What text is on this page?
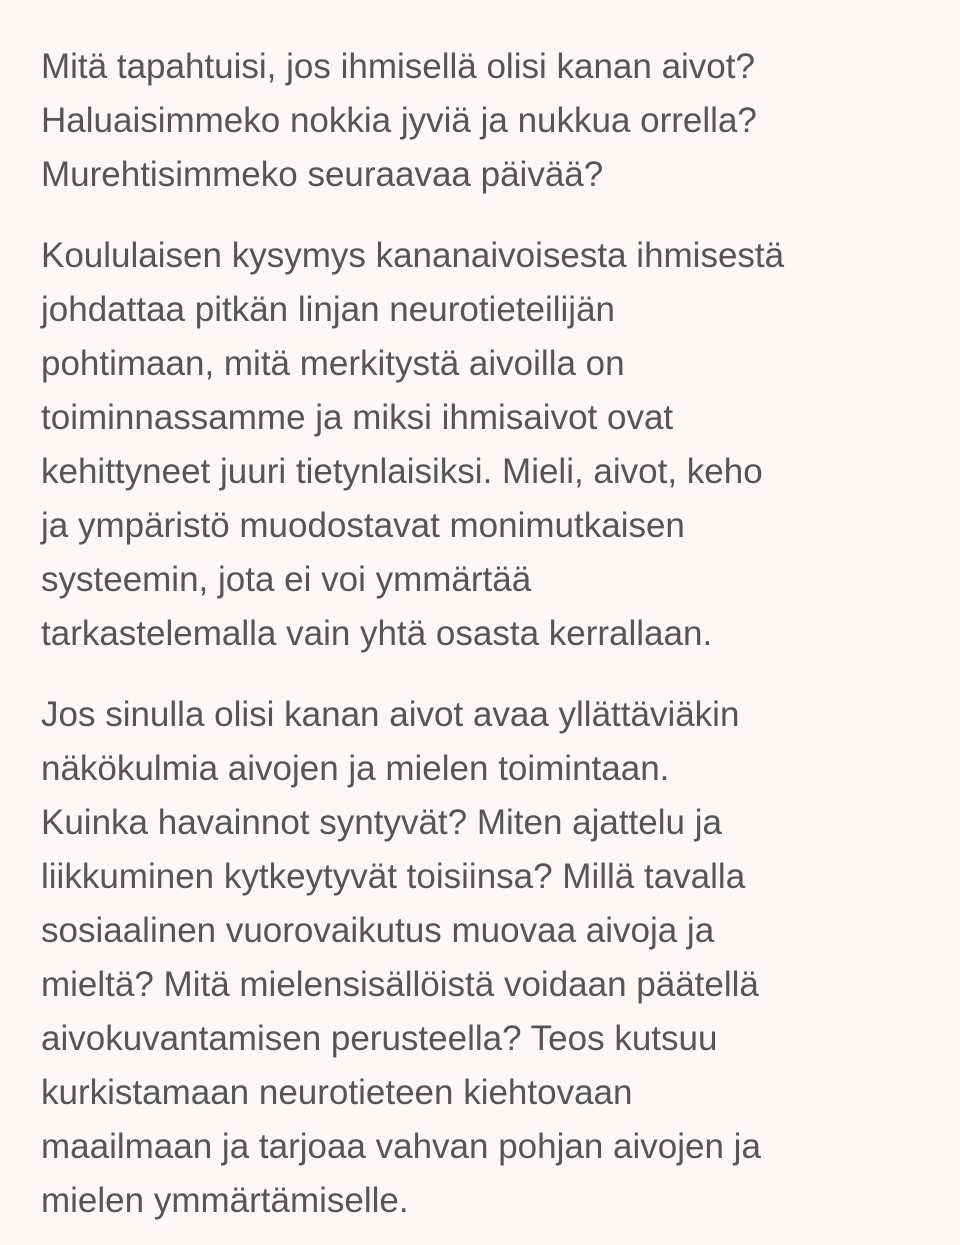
Mitä tapahtuisi, jos ihmisellä olisi kanan aivot?
Haluaisimmeko nokkia jyviä ja nukkua orrella?
Murehtisimmeko seuraavaa päivää?

Koululaisen kysymys kananaivoisesta ihmisestä
johdattaa pitkän linjan neurotieteilijän
pohtimaan, mitä merkitystä aivoilla on
toiminnassamme ja miksi ihmisaivot ovat
kehittyneet juuri tietynlaisiksi. Mieli, aivot, keho
ja ympäristö muodostavat monimutkaisen
systeemin, jota ei voi ymmärtää
tarkastelemalla vain yhtä osasta kerrallaan.

Jos sinulla olisi kanan aivot avaa yllättäviäkin
näkökulmia aivojen ja mielen toimintaan.
Kuinka havainnot syntyvät? Miten ajattelu ja
liikkuminen kytkeytyvät toisiinsa? Millä tavalla
sosiaalinen vuorovaikutus muovaa aivoja ja
mieltä? Mitä mielensisällöistä voidaan päätellä
aivokuvantamisen perusteella? Teos kutsuu
kurkistamaan neurotieteen kiehtovaan
maailmaan ja tarjoaa vahvan pohjan aivojen ja
mielen ymmärtämiselle.
